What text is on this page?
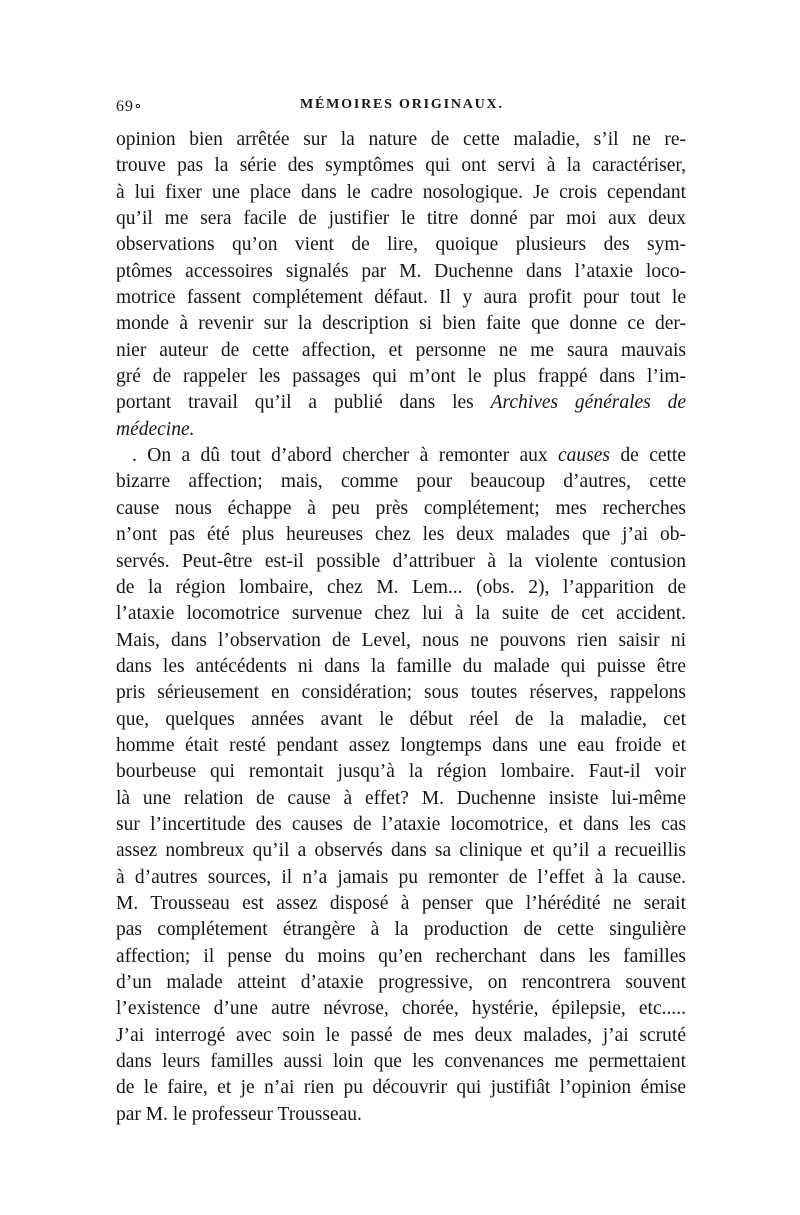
69∘	MÉMOIRES ORIGINAUX.
opinion bien arrêtée sur la nature de cette maladie, s’il ne re-
trouve pas la série des symptômes qui ont servi à la caractériser,
à lui fixer une place dans le cadre nosologique. Je crois cependant
qu’il me sera facile de justifier le titre donné par moi aux deux
observations qu’on vient de lire, quoique plusieurs des sym-
ptômes accessoires signalés par M. Duchenne dans l’ataxie loco-
motrice fassent complétement défaut. Il y aura profit pour tout le
monde à revenir sur la description si bien faite que donne ce der-
nier auteur de cette affection, et personne ne me saura mauvais
gré de rappeler les passages qui m’ont le plus frappé dans l’im-
portant travail qu’il a publié dans les Archives générales de
médecine.
. On a dû tout d’abord chercher à remonter aux causes de cette
bizarre affection; mais, comme pour beaucoup d’autres, cette
cause nous échappe à peu près complétement; mes recherches
n’ont pas été plus heureuses chez les deux malades que j’ai ob-
servés. Peut-être est-il possible d’attribuer à la violente contusion
de la région lombaire, chez M. Lem... (obs. 2), l’apparition de
l’ataxie locomotrice survenue chez lui à la suite de cet accident.
Mais, dans l’observation de Level, nous ne pouvons rien saisir ni
dans les antécédents ni dans la famille du malade qui puisse être
pris sérieusement en considération; sous toutes réserves, rappelons
que, quelques années avant le début réel de la maladie, cet
homme était resté pendant assez longtemps dans une eau froide et
bourbeuse qui remontait jusqu’à la région lombaire. Faut-il voir
là une relation de cause à effet? M. Duchenne insiste lui-même
sur l’incertitude des causes de l’ataxie locomotrice, et dans les cas
assez nombreux qu’il a observés dans sa clinique et qu’il a recueillis
à d’autres sources, il n’a jamais pu remonter de l’effet à la cause.
M. Trousseau est assez disposé à penser que l’hérédité ne serait
pas complétement étrangère à la production de cette singulière
affection; il pense du moins qu’en recherchant dans les familles
d’un malade atteint d’ataxie progressive, on rencontrera souvent
l’existence d’une autre névrose, chorée, hystérie, épilepsie, etc.....
J’ai interrogé avec soin le passé de mes deux malades, j’ai scruté
dans leurs familles aussi loin que les convenances me permettaient
de le faire, et je n’ai rien pu découvrir qui justifiât l’opinion émise
par M. le professeur Trousseau.
